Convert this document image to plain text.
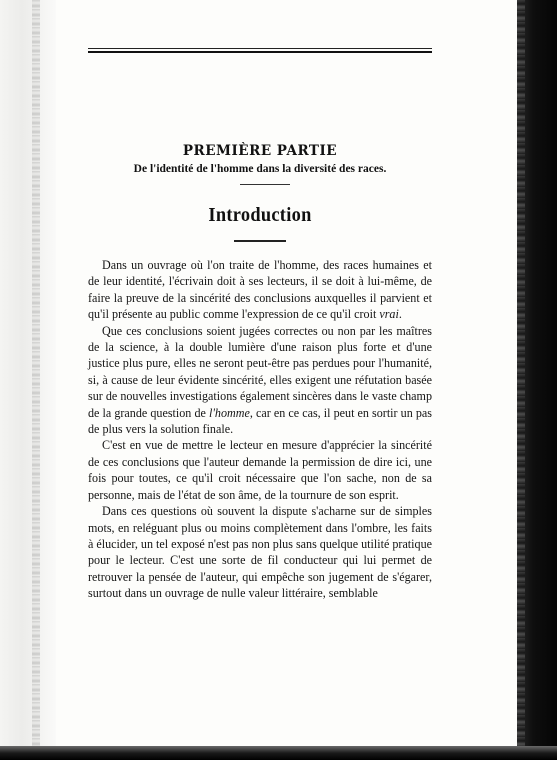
PREMIÈRE PARTIE
De l'identité de l'homme dans la diversité des races.
Introduction

Dans un ouvrage où l'on traite de l'homme, des races humaines et de leur identité, l'écrivain doit à ses lecteurs, il se doit à lui-même, de faire la preuve de la sincérité des conclusions auxquelles il parvient et qu'il présente au public comme l'expression de ce qu'il croit vrai.

Que ces conclusions soient jugées correctes ou non par les maîtres de la science, à la double lumière d'une raison plus forte et d'une justice plus pure, elles ne seront peut-être pas perdues pour l'humanité, si, à cause de leur évidente sincérité, elles exigent une réfutation basée sur de nouvelles investigations également sincères dans le vaste champ de la grande question de l'homme, car en ce cas, il peut en sortir un pas de plus vers la solution finale.

C'est en vue de mettre le lecteur en mesure d'apprécier la sincérité de ces conclusions que l'auteur demande la permission de dire ici, une fois pour toutes, ce qu'il croit nécessaire que l'on sache, non de sa personne, mais de l'état de son âme, de la tournure de son esprit.

Dans ces questions où souvent la dispute s'acharne sur de simples mots, en reléguant plus ou moins complètement dans l'ombre, les faits à élucider, un tel exposé n'est pas non plus sans quelque utilité pratique pour le lecteur. C'est une sorte de fil conducteur qui lui permet de retrouver la pensée de l'auteur, qui empêche son jugement de s'égarer, surtout dans un ouvrage de nulle valeur littéraire, semblable
